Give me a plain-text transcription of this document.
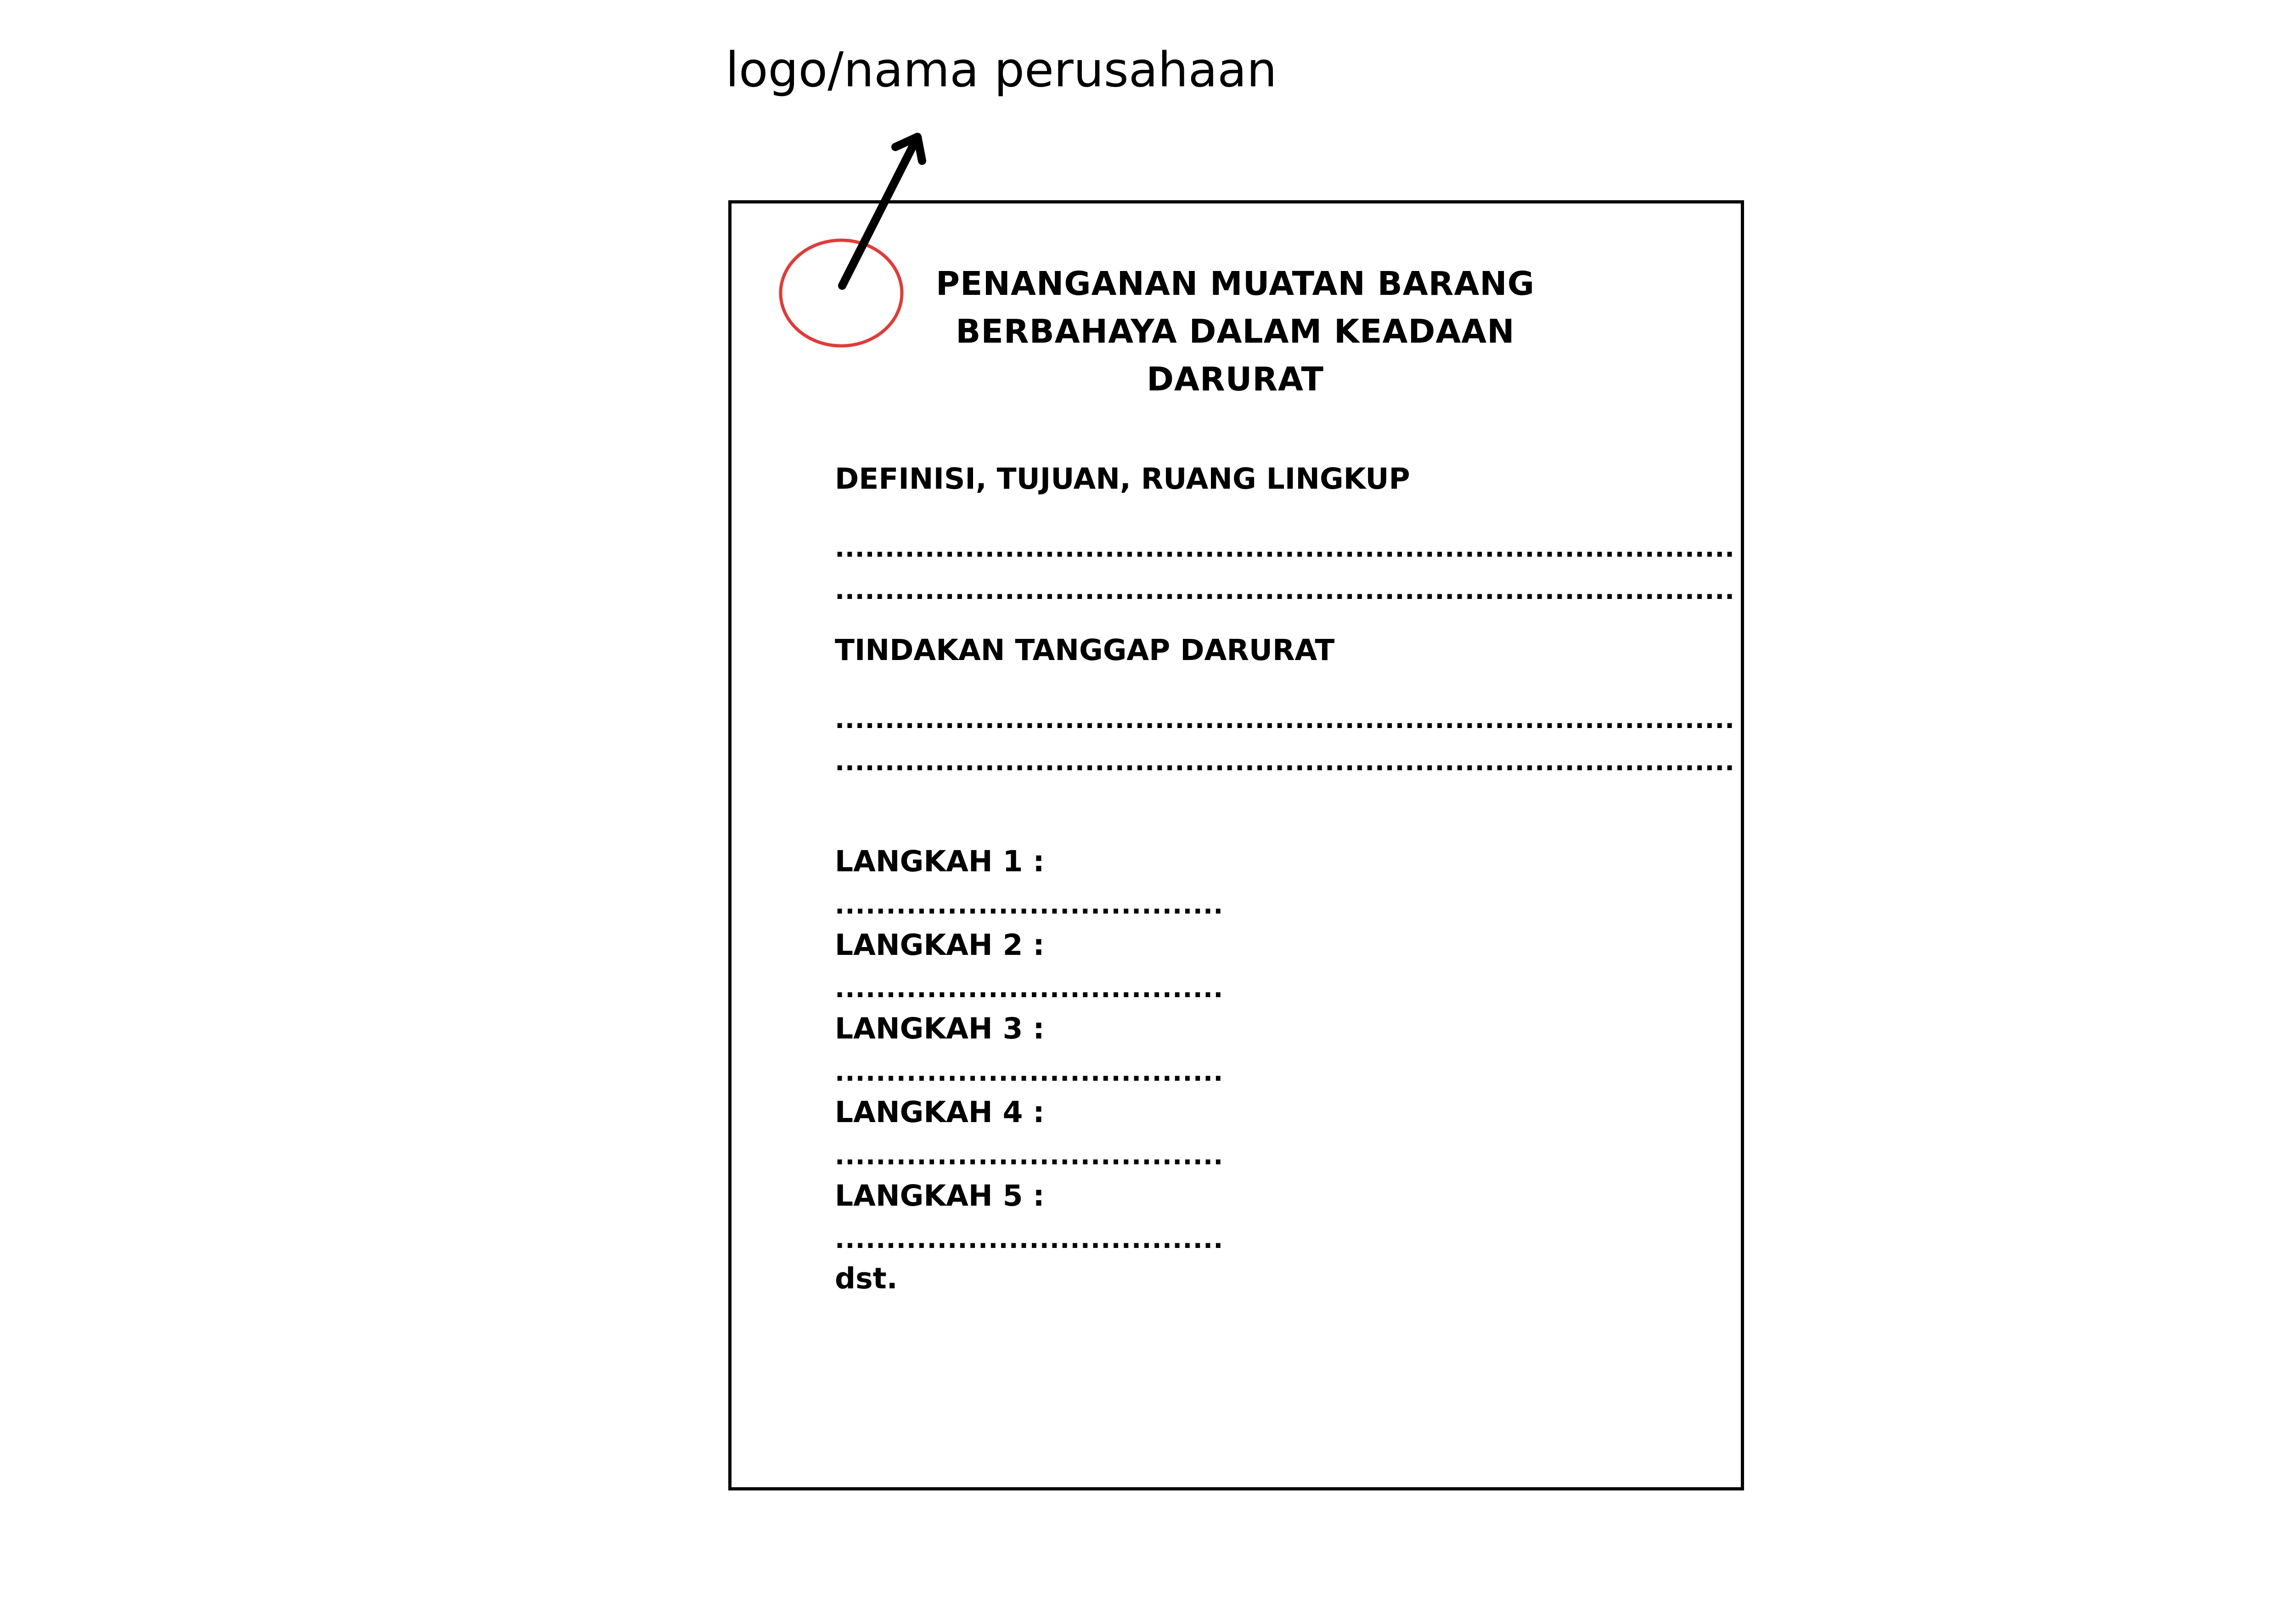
logo/nama perusahaan
PENANGANAN MUATAN BARANG
BERBAHAYA DALAM KEADAAN
DARURAT
DEFINISI, TUJUAN, RUANG LINGKUP
..........................................................................................
..........................................................................................
TINDAKAN TANGGAP DARURAT
..........................................................................................
..........................................................................................
LANGKAH 1 :
......................................
LANGKAH 2 :
......................................
LANGKAH 3 :
......................................
LANGKAH 4 :
......................................
LANGKAH 5 :
......................................
dst.
